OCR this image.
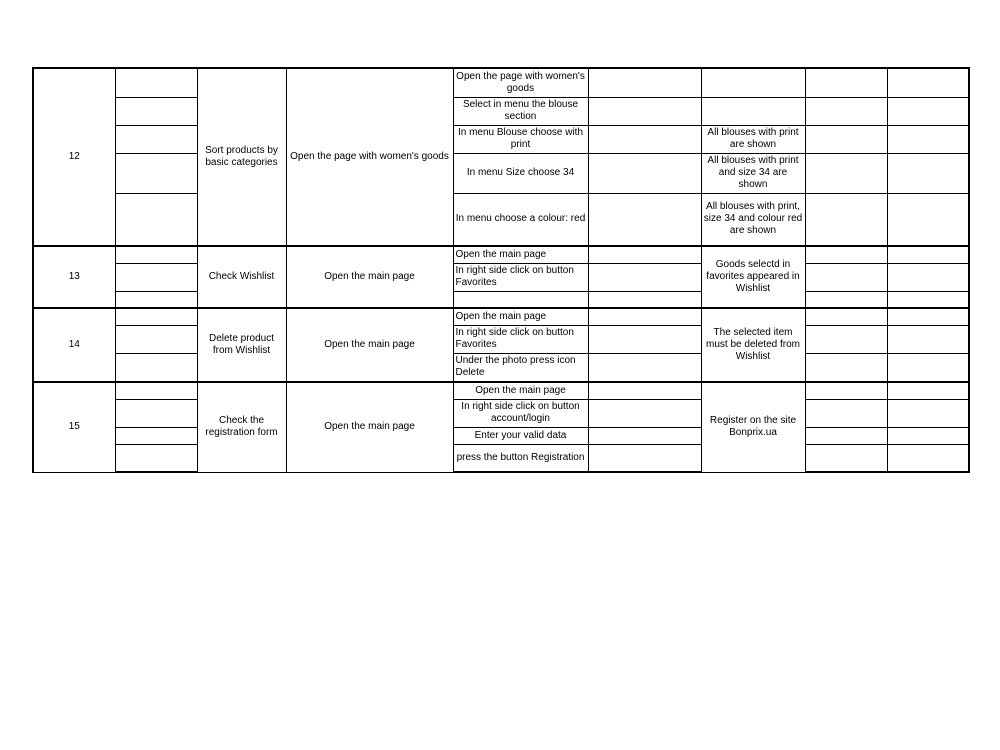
12		Sort products by basic categories	Open the page with women's goods	Open the page with women's goods				
				Select in menu the blouse section				
				In menu Blouse choose with print		All blouses with print are shown		
				In menu Size choose 34		All blouses with print and size 34 are shown		
				In menu choose a colour: red		All blouses with print, size 34 and colour red are shown		
13		Check Wishlist	Open the main page	Open the main page		Goods selectd in favorites appeared in Wishlist		
				In right side click on button Favorites				

14		Delete product from Wishlist	Open the main page	Open the main page		The selected item must be deleted from Wishlist		
				In right side click on button Favorites				
				Under the photo press icon Delete				
15		Check the registration form	Open the main page	Open the main page		Register on the site Bonprix.ua		
				In right side click on button account/login				
				Enter your valid data				
				press the button Registration				
